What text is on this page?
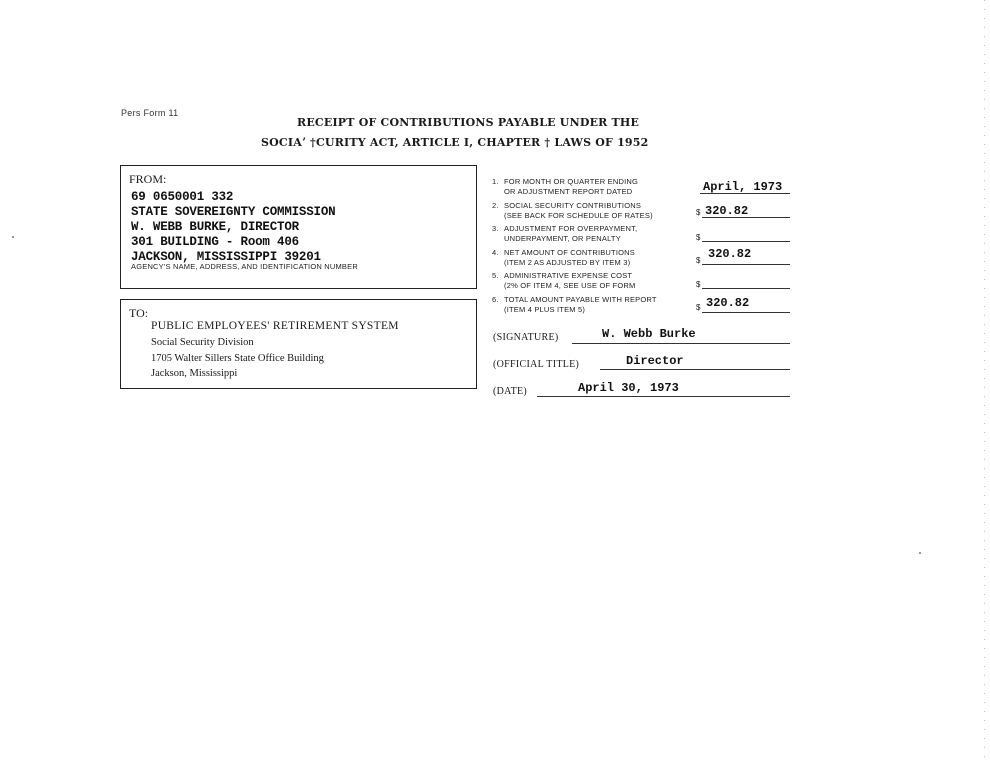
Pers Form 11
RECEIPT OF CONTRIBUTIONS PAYABLE UNDER THE
SOCIAʼ †CURITY ACT, ARTICLE I, CHAPTER † LAWS OF 1952
FROM:
69 0650001 332
STATE SOVEREIGNTY COMMISSION
W. WEBB BURKE, DIRECTOR
301 BUILDING - Room 406
JACKSON, MISSISSIPPI 39201
AGENCY'S NAME, ADDRESS, AND IDENTIFICATION NUMBER
TO:
PUBLIC EMPLOYEES' RETIREMENT SYSTEM
Social Security Division
1705 Walter Sillers State Office Building
Jackson, Mississippi
1. FOR MONTH OR QUARTER ENDING
OR ADJUSTMENT REPORT DATED	April, 1973
2. SOCIAL SECURITY CONTRIBUTIONS
(SEE BACK FOR SCHEDULE OF RATES)	$ 320.82
3. ADJUSTMENT FOR OVERPAYMENT,
UNDERPAYMENT, OR PENALTY	$
4. NET AMOUNT OF CONTRIBUTIONS
(ITEM 2 AS ADJUSTED BY ITEM 3)	$ 320.82
5. ADMINISTRATIVE EXPENSE COST
(2% OF ITEM 4, SEE USE OF FORM	$
6. TOTAL AMOUNT PAYABLE WITH REPORT
(ITEM 4 PLUS ITEM 5)	$ 320.82
(SIGNATURE)	W. Webb Burke
(OFFICIAL TITLE)	Director
(DATE)	April 30, 1973
